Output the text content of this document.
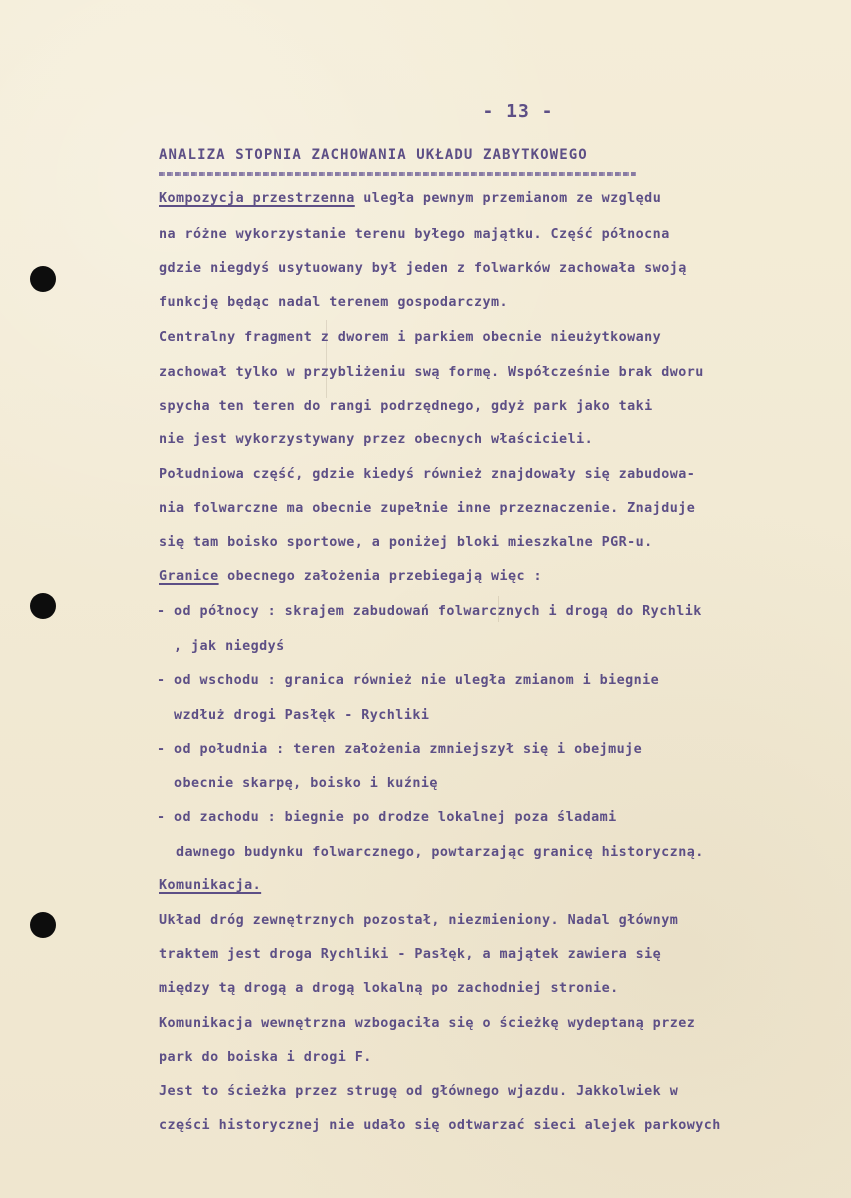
- 13 -
ANALIZA STOPNIA ZACHOWANIA UKŁADU ZABYTKOWEGO
Kompozycja przestrzenna uległa pewnym przemianom ze względu
na różne wykorzystanie terenu byłego majątku. Część północna
gdzie niegdyś usytuowany był jeden z folwarków zachowała swoją
funkcję będąc nadal terenem gospodarczym.
Centralny fragment z dworem i parkiem obecnie nieużytkowany
zachował tylko w przybliżeniu swą formę. Współcześnie brak dworu
spycha ten teren do rangi podrzędnego, gdyż park jako taki
nie jest wykorzystywany przez obecnych właścicieli.
Południowa część, gdzie kiedyś również znajdowały się zabudowa-
nia folwarczne ma obecnie zupełnie inne przeznaczenie. Znajduje
się tam boisko sportowe, a poniżej bloki mieszkalne PGR-u.
Granice obecnego założenia przebiegają więc :
- od północy : skrajem zabudowań folwarcznych i drogą do Rychlik
, jak niegdyś
- od wschodu : granica również nie uległa zmianom i biegnie
wzdłuż drogi Pasłęk - Rychliki
- od południa : teren założenia zmniejszył się i obejmuje
obecnie skarpę, boisko i kuźnię
- od zachodu : biegnie po drodze lokalnej poza śladami
dawnego budynku folwarcznego, powtarzając granicę historyczną.
Komunikacja.
Układ dróg zewnętrznych pozostał, niezmieniony. Nadal głównym
traktem jest droga Rychliki - Pasłęk, a majątek zawiera się
między tą drogą a drogą lokalną po zachodniej stronie.
Komunikacja wewnętrzna wzbogaciła się o ścieżkę wydeptaną przez
park do boiska i drogi F.
Jest to ścieżka przez strugę od głównego wjazdu. Jakkolwiek w
części historycznej nie udało się odtwarzać sieci alejek parkowych
